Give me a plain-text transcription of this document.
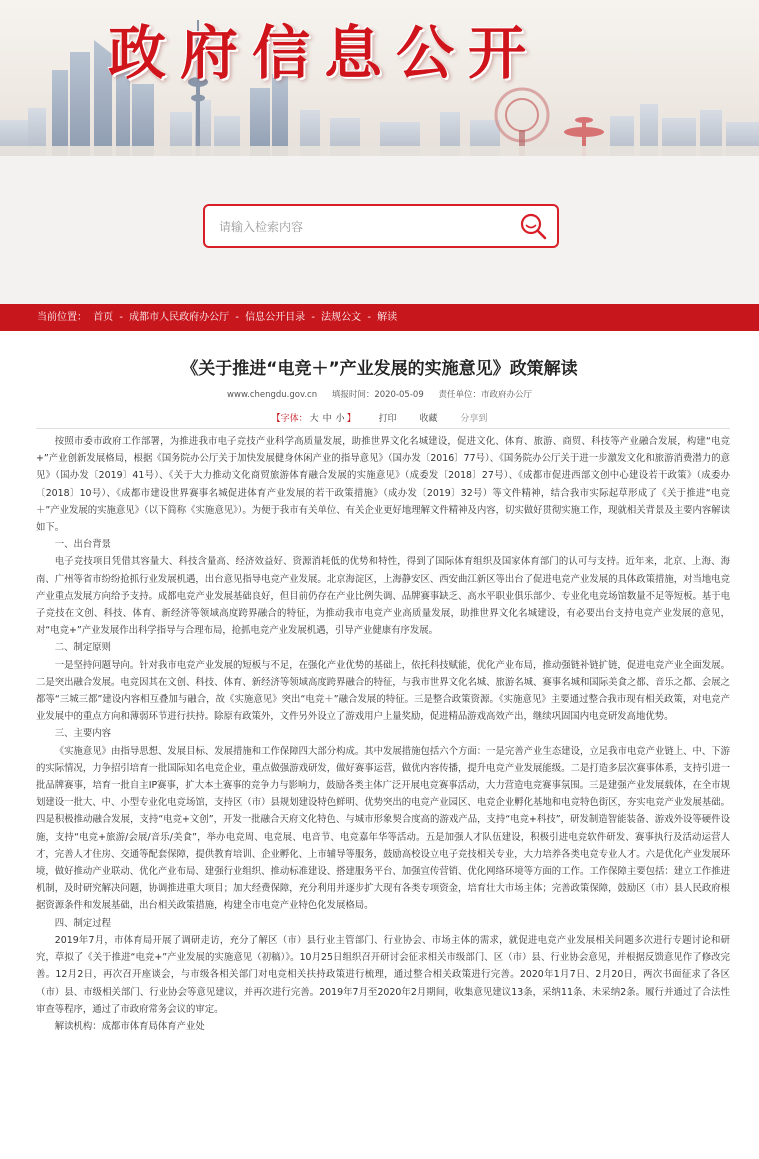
政府信息公开
请输入检索内容
当前位置： 首页 - 成都市人民政府办公厅 - 信息公开目录 - 法规公文 - 解读
《关于推进“电竞＋”产业发展的实施意见》政策解读
www.chengdu.gov.cn 填报时间：2020-05-09 责任单位：市政府办公厅
【字体： 大 中 小 】	打印	收藏	分享到

按照市委市政府工作部署，为推进我市电子竞技产业科学高质量发展，助推世界文化名城建设，促进文化、体育、旅游、商贸、科技等产业融合发展，构建“电竞+”产业创新发展格局，根据《国务院办公厅关于加快发展健身休闲产业的指导意见》（国办发〔2016〕77号）、《国务院办公厅关于进一步激发文化和旅游消费潜力的意见》（国办发〔2019〕41号）、《关于大力推动文化商贸旅游体育融合发展的实施意见》（成委发〔2018〕27号）、《成都市促进西部文创中心建设若干政策》（成委办〔2018〕10号）、《成都市建设世界赛事名城促进体育产业发展的若干政策措施》（成办发〔2019〕32号）等文件精神，结合我市实际起草形成了《关于推进“电竞＋”产业发展的实施意见》（以下简称《实施意见》）。为便于我市有关单位、有关企业更好地理解文件精神及内容，切实做好贯彻实施工作，现就相关背景及主要内容解读如下。

一、出台背景

电子竞技项目凭借其容量大、科技含量高、经济效益好、资源消耗低的优势和特性，得到了国际体育组织及国家体育部门的认可与支持。近年来，北京、上海、海南、广州等省市纷纷抢抓行业发展机遇，出台意见指导电竞产业发展。北京海淀区，上海静安区、西安曲江新区等出台了促进电竞产业发展的具体政策措施，对当地电竞产业重点发展方向给予支持。成都电竞产业发展基础良好，但目前仍存在产业比例失调、品牌赛事缺乏、高水平职业俱乐部少、专业化电竞场馆数量不足等短板。基于电子竞技在文创、科技、体育、新经济等领域高度跨界融合的特征，为推动我市电竞产业高质量发展，助推世界文化名城建设，有必要出台支持电竞产业发展的意见，对“电竞+”产业发展作出科学指导与合理布局，抢抓电竞产业发展机遇，引导产业健康有序发展。

二、制定原则

一是坚持问题导向。针对我市电竞产业发展的短板与不足，在强化产业优势的基础上，依托科技赋能，优化产业布局，推动强链补链扩链，促进电竞产业全面发展。二是突出融合发展。电竞因其在文创、科技、体育、新经济等领域高度跨界融合的特征，与我市世界文化名城、旅游名城、赛事名城和国际美食之都、音乐之都、会展之都等“三城三都”建设内容相互叠加与融合，故《实施意见》突出“电竞＋”融合发展的特征。三是整合政策资源。《实施意见》主要通过整合我市现有相关政策，对电竞产业发展中的重点方向和薄弱环节进行扶持。除原有政策外，文件另外设立了游戏用户上量奖励，促进精品游戏高效产出，继续巩固国内电竞研发高地优势。

三、主要内容

《实施意见》由指导思想、发展目标、发展措施和工作保障四大部分构成。其中发展措施包括六个方面：一是完善产业生态建设，立足我市电竞产业链上、中、下游的实际情况，力争招引培育一批国际知名电竞企业，重点做强游戏研发，做好赛事运营，做优内容传播，提升电竞产业发展能级。二是打造多层次赛事体系，支持引进一批品牌赛事，培育一批自主IP赛事，扩大本土赛事的竞争力与影响力，鼓励各类主体广泛开展电竞赛事活动，大力营造电竞赛事氛围。三是建强产业发展载体，在全市规划建设一批大、中、小型专业化电竞场馆，支持区（市）县规划建设特色鲜明、优势突出的电竞产业园区、电竞企业孵化基地和电竞特色街区，夯实电竞产业发展基础。四是积极推动融合发展，支持“电竞+文创”，开发一批融合天府文化特色、与城市形象契合度高的游戏产品，支持“电竞+科技”，研发制造智能装备、游戏外设等硬件设施，支持“电竞+旅游/会展/音乐/美食”，举办电竞周、电竞展、电音节、电竞嘉年华等活动。五是加强人才队伍建设，积极引进电竞软件研发、赛事执行及活动运营人才，完善人才住房、交通等配套保障，提供教育培训、企业孵化、上市辅导等服务，鼓励高校设立电子竞技相关专业，大力培养各类电竞专业人才。六是优化产业发展环境，做好推动产业联动、优化产业布局、建强行业组织、推动标准建设、搭建服务平台、加强宣传营销、优化网络环境等方面的工作。工作保障主要包括：建立工作推进机制，及时研究解决问题，协调推进重大项目；加大经费保障，充分利用并逐步扩大现有各类专项资金，培育壮大市场主体；完善政策保障，鼓励区（市）县人民政府根据资源条件和发展基础，出台相关政策措施，构建全市电竞产业特色化发展格局。

四、制定过程

2019年7月，市体育局开展了调研走访，充分了解区（市）县行业主管部门、行业协会、市场主体的需求，就促进电竞产业发展相关问题多次进行专题讨论和研究，草拟了《关于推进“电竞+”产业发展的实施意见（初稿）》。10月25日组织召开研讨会征求相关市级部门、区（市）县、行业协会意见，并根据反馈意见作了修改完善。12月2日，再次召开座谈会，与市级各相关部门对电竞相关扶持政策进行梳理，通过整合相关政策进行完善。2020年1月7日、2月20日，两次书面征求了各区（市）县、市级相关部门、行业协会等意见建议，并再次进行完善。2019年7月至2020年2月期间，收集意见建议13条，采纳11条、未采纳2条。履行并通过了合法性审查等程序，通过了市政府常务会议的审定。

解读机构：成都市体育局体育产业处
